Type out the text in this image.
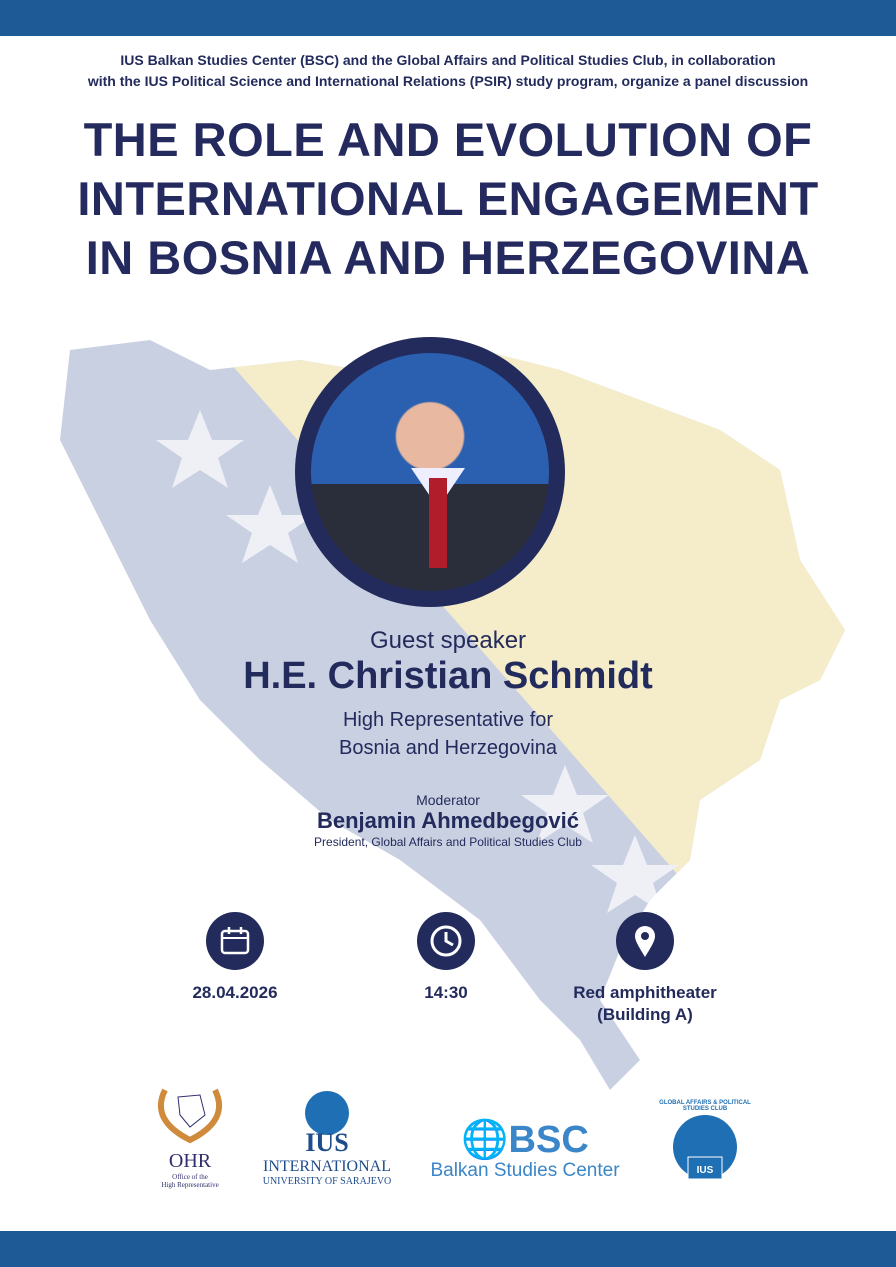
IUS Balkan Studies Center (BSC) and the Global Affairs and Political Studies Club, in collaboration
with the IUS Political Science and International Relations (PSIR) study program, organize a panel discussion
THE ROLE AND EVOLUTION OF
INTERNATIONAL ENGAGEMENT
IN BOSNIA AND HERZEGOVINA
Guest speaker
H.E. Christian Schmidt
High Representative for
Bosnia and Herzegovina
Moderator
Benjamin Ahmedbegović
President, Global Affairs and Political Studies Club
28.04.2026	14:30	Red amphitheater
(Building A)
OHR
Office of the
High Representative
IUS
INTERNATIONAL
UNIVERSITY OF SARAJEVO
🌐BSC
Balkan Studies Center
GLOBAL AFFAIRS & POLITICAL STUDIES CLUB
IUS
